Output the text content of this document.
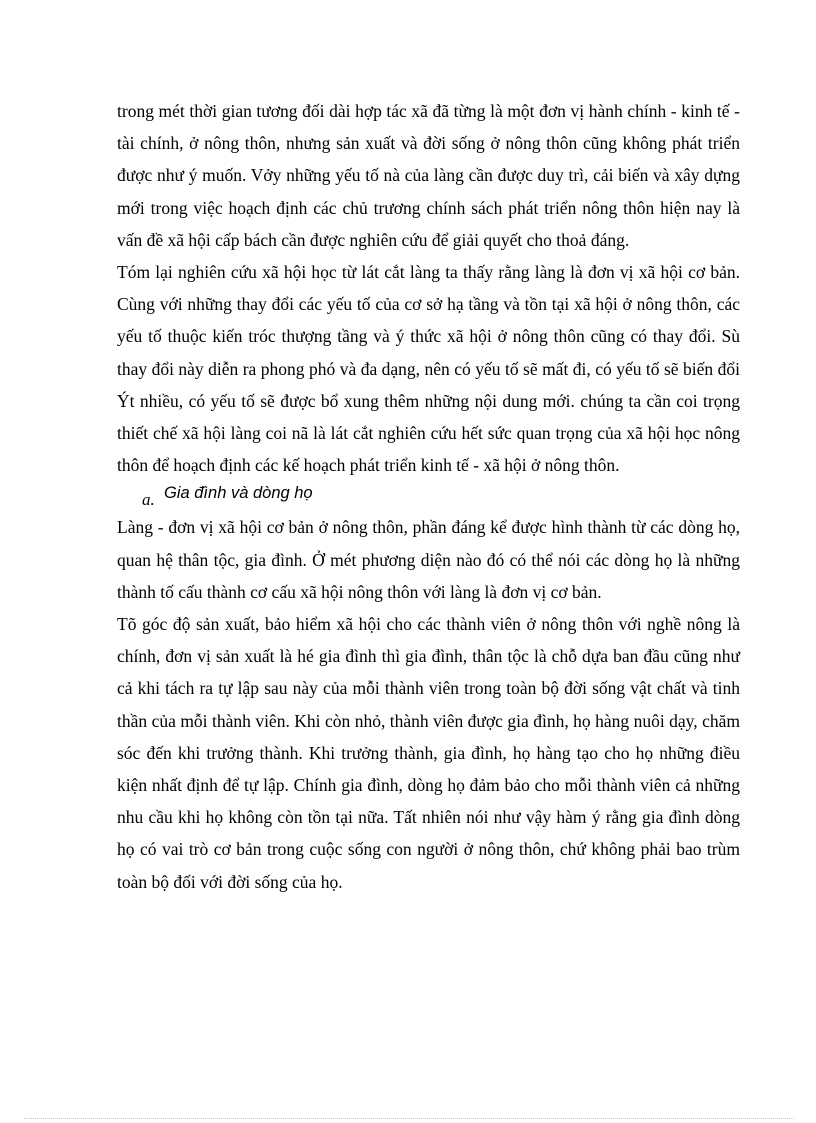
trong mét thời gian tương đối dài hợp tác xã đã từng là một đơn vị hành chính - kinh tế - tài chính, ở nông thôn, nhưng sản xuất và đời sống ở nông thôn cũng không phát triển được như ý muốn. Vởy những yếu tố nà của làng cần được duy trì, cải biến và xây dựng mới trong việc hoạch định các chủ trương chính sách phát triển nông thôn hiện nay là vấn đề xã hội cấp bách cần được nghiên cứu để giải quyết cho thoả đáng.

Tóm lại nghiên cứu xã hội học từ lát cắt làng ta thấy rằng làng là đơn vị xã hội cơ bản. Cùng với những thay đổi các yếu tố của cơ sở hạ tầng và tồn tại xã hội ở nông thôn, các yếu tố thuộc kiến tróc thượng tầng và ý thức xã hội ở nông thôn cũng có thay đổi. Sù thay đổi này diễn ra phong phó và đa dạng, nên có yếu tố sẽ mất đi, có yếu tố sẽ biến đổi Ýt nhiều, có yếu tố sẽ được bổ xung thêm những nội dung mới. chúng ta cần coi trọng thiết chế xã hội làng coi nã là lát cắt nghiên cứu hết sức quan trọng của xã hội học nông thôn để hoạch định các kế hoạch phát triển kinh tế - xã hội ở nông thôn.

a. Gia đình và dòng họ

Làng - đơn vị xã hội cơ bản ở nông thôn, phần đáng kể được hình thành từ các dòng họ, quan hệ thân tộc, gia đình. Ở mét phương diện nào đó có thể nói các dòng họ là những thành tố cấu thành cơ cấu xã hội nông thôn với làng là đơn vị cơ bản.

Tõ góc độ sản xuất, bảo hiểm xã hội cho các thành viên ở nông thôn với nghề nông là chính, đơn vị sản xuất là hé gia đình thì gia đình, thân tộc là chỗ dựa ban đầu cũng như cả khi tách ra tự lập sau này của mỗi thành viên trong toàn bộ đời sống vật chất và tinh thần của mỗi thành viên. Khi còn nhỏ, thành viên được gia đình, họ hàng nuôi dạy, chăm sóc đến khi trưởng thành. Khi trưởng thành, gia đình, họ hàng tạo cho họ những điều kiện nhất định để tự lập. Chính gia đình, dòng họ đảm bảo cho mỗi thành viên cả những nhu cầu khi họ không còn tồn tại nữa. Tất nhiên nói như vậy hàm ý rằng gia đình dòng họ có vai trò cơ bản trong cuộc sống con người ở nông thôn, chứ không phải bao trùm toàn bộ đối với đời sống của họ.
